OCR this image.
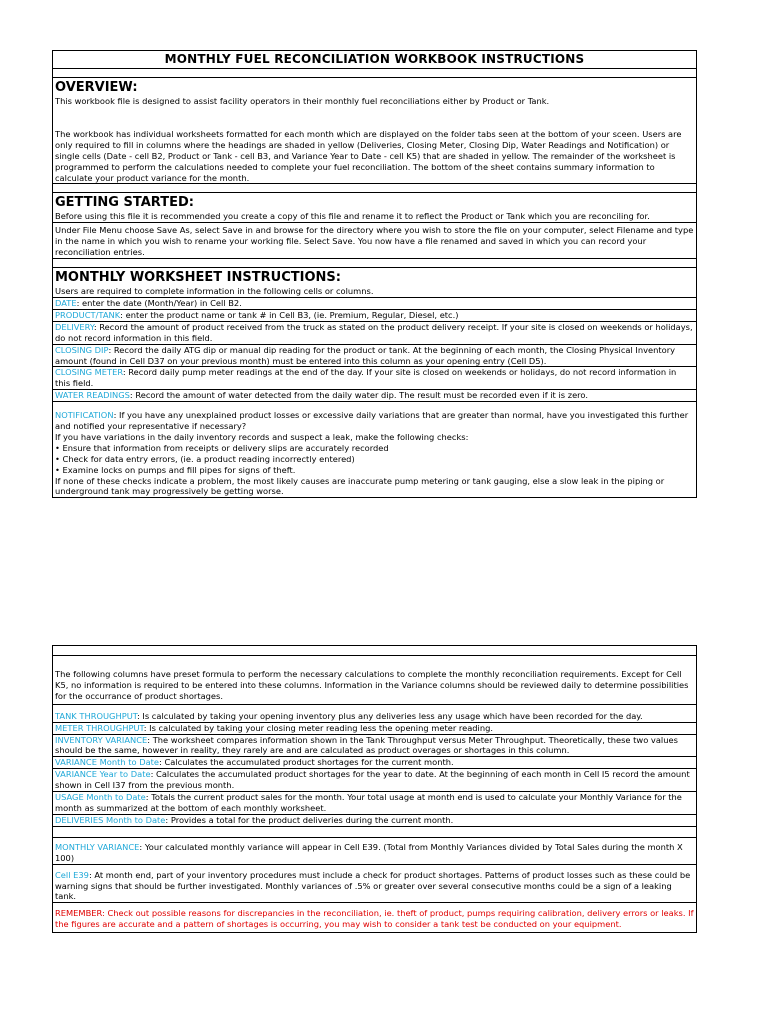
MONTHLY FUEL RECONCILIATION WORKBOOK INSTRUCTIONS
OVERVIEW:

This workbook file is designed to assist facility operators in their monthly fuel reconciliations either by Product or Tank.

The workbook has individual worksheets formatted for each month which are displayed on the folder tabs seen at the bottom of your sceen. Users are only required to fill in columns where the headings are shaded in yellow (Deliveries, Closing Meter, Closing Dip, Water Readings and Notification) or single cells (Date - cell B2, Product or Tank - cell B3, and Variance Year to Date - cell K5) that are shaded in yellow. The remainder of the worksheet is programmed to perform the calculations needed to complete your fuel reconciliation. The bottom of the sheet contains summary information to calculate your product variance for the month.

GETTING STARTED:

Before using this file it is recommended you create a copy of this file and rename it to reflect the Product or Tank which you are reconciling for.

Under File Menu choose Save As, select Save in and browse for the directory where you wish to store the file on your computer, select Filename and type in the name in which you wish to rename your working file. Select Save. You now have a file renamed and saved in which you can record your reconciliation entries.

MONTHLY WORKSHEET INSTRUCTIONS:

Users are required to complete information in the following cells or columns.

DATE: enter the date (Month/Year) in Cell B2.
PRODUCT/TANK: enter the product name or tank # in Cell B3, (ie. Premium, Regular, Diesel, etc.)
DELIVERY: Record the amount of product received from the truck as stated on the product delivery receipt. If your site is closed on weekends or holidays, do not record information in this field.
CLOSING DIP: Record the daily ATG dip or manual dip reading for the product or tank. At the beginning of each month, the Closing Physical Inventory amount (found in Cell D37 on your previous month) must be entered into this column as your opening entry (Cell D5).
CLOSING METER: Record daily pump meter readings at the end of the day. If your site is closed on weekends or holidays, do not record information in this field.
WATER READINGS: Record the amount of water detected from the daily water dip. The result must be recorded even if it is zero.

NOTIFICATION: If you have any unexplained product losses or excessive daily variations that are greater than normal, have you investigated this further and notified your representative if necessary?

If you have variations in the daily inventory records and suspect a leak, make the following checks:

• Ensure that information from receipts or delivery slips are accurately recorded

• Check for data entry errors, (ie. a product reading incorrectly entered)

• Examine locks on pumps and fill pipes for signs of theft.

If none of these checks indicate a problem, the most likely causes are inaccurate pump metering or tank gauging, else a slow leak in the piping or underground tank may progressively be getting worse.

The following columns have preset formula to perform the necessary calculations to complete the monthly reconciliation requirements. Except for Cell K5, no information is required to be entered into these columns. Information in the Variance columns should be reviewed daily to determine possibilities for the occurrance of product shortages.

TANK THROUGHPUT: Is calculated by taking your opening inventory plus any deliveries less any usage which have been recorded for the day.
METER THROUGHPUT: Is calculated by taking your closing meter reading less the opening meter reading.
INVENTORY VARIANCE: The worksheet compares information shown in the Tank Throughput versus Meter Throughput. Theoretically, these two values should be the same, however in reality, they rarely are and are calculated as product overages or shortages in this column.
VARIANCE Month to Date: Calculates the accumulated product shortages for the current month.
VARIANCE Year to Date: Calculates the accumulated product shortages for the year to date. At the beginning of each month in Cell I5 record the amount shown in Cell I37 from the previous month.
USAGE Month to Date: Totals the current product sales for the month. Your total usage at month end is used to calculate your Monthly Variance for the month as summarized at the bottom of each monthly worksheet.
DELIVERIES Month to Date: Provides a total for the product deliveries during the current month.
MONTHLY VARIANCE: Your calculated monthly variance will appear in Cell E39. (Total from Monthly Variances divided by Total Sales during the month X 100)
Cell E39: At month end, part of your inventory procedures must include a check for product shortages. Patterns of product losses such as these could be warning signs that should be further investigated. Monthly variances of .5% or greater over several consecutive months could be a sign of a leaking tank.
REMEMBER: Check out possible reasons for discrepancies in the reconciliation, ie. theft of product, pumps requiring calibration, delivery errors or leaks. If the figures are accurate and a pattern of shortages is occurring, you may wish to consider a tank test be conducted on your equipment.
